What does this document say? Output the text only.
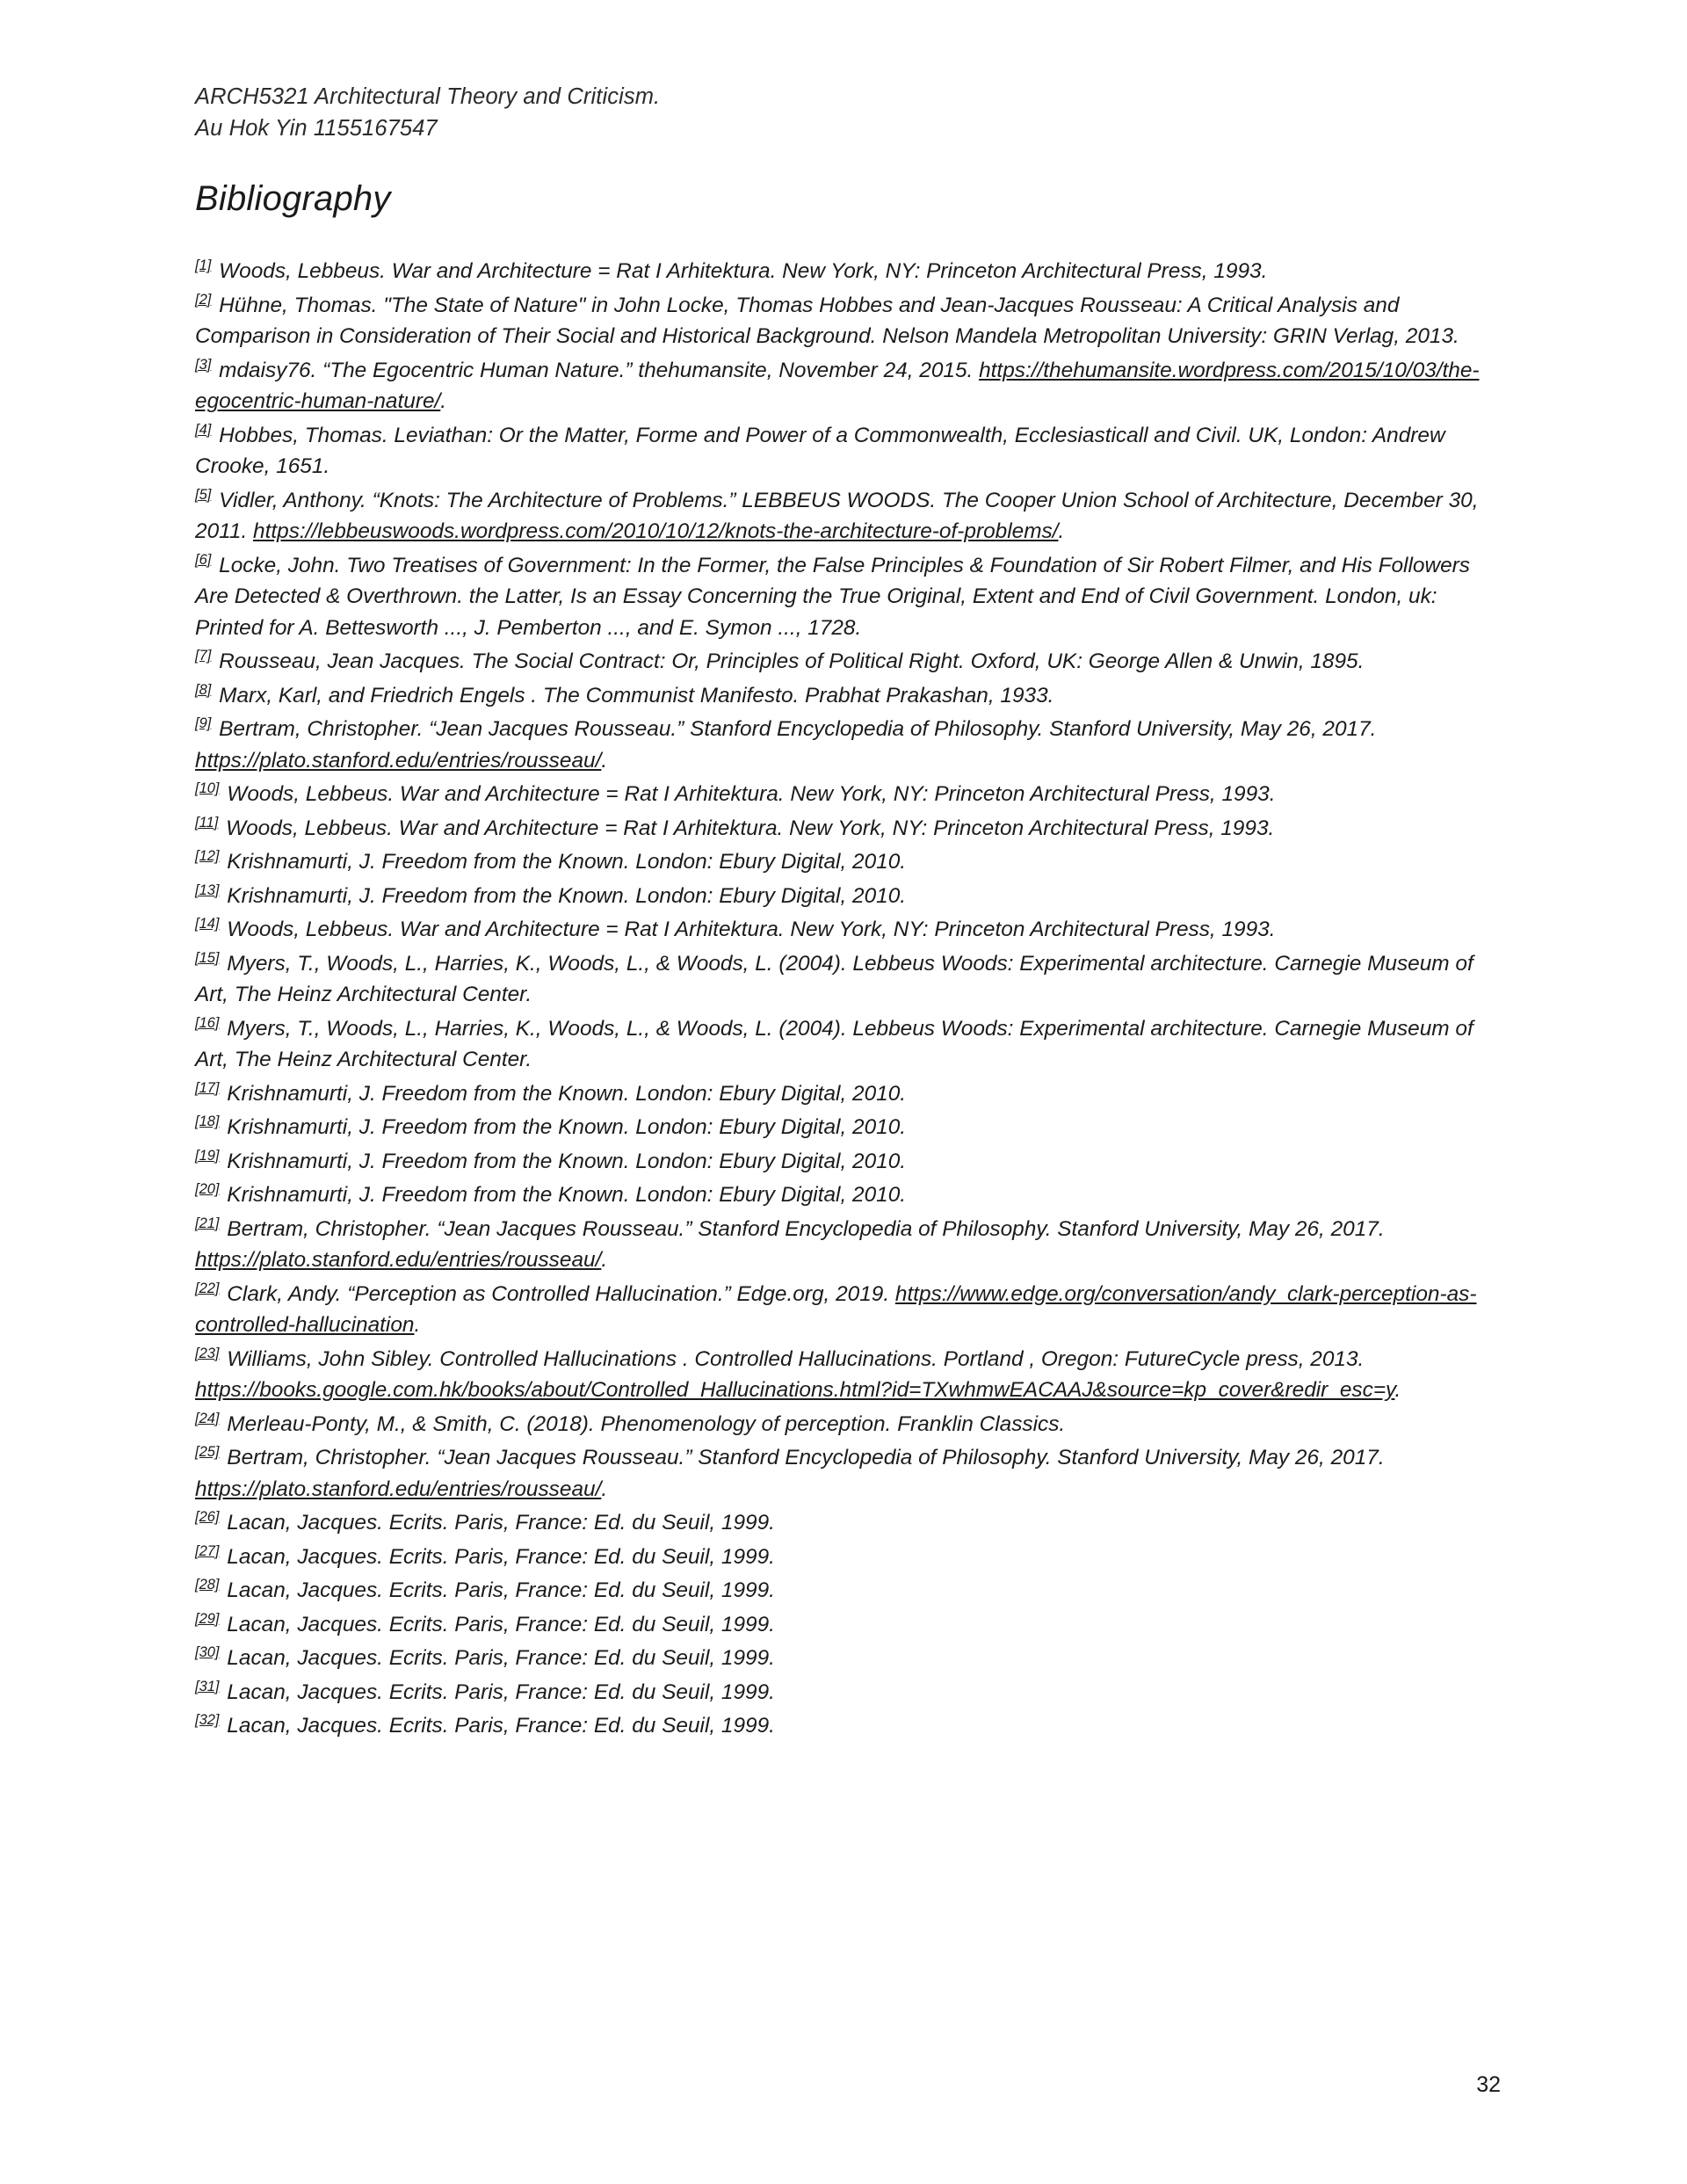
ARCH5321 Architectural Theory and Criticism.
Au Hok Yin 1155167547
Bibliography

[1] Woods, Lebbeus. War and Architecture = Rat I Arhitektura. New York, NY: Princeton Architectural Press, 1993.

[2] Hühne, Thomas. "The State of Nature" in John Locke, Thomas Hobbes and Jean-Jacques Rousseau: A Critical Analysis and Comparison in Consideration of Their Social and Historical Background. Nelson Mandela Metropolitan University: GRIN Verlag, 2013.

[3] mdaisy76. “The Egocentric Human Nature.” thehumansite, November 24, 2015. https://thehumansite.wordpress.com/2015/10/03/the-egocentric-human-nature/.

[4] Hobbes, Thomas. Leviathan: Or the Matter, Forme and Power of a Commonwealth, Ecclesiasticall and Civil. UK, London: Andrew Crooke, 1651.

[5] Vidler, Anthony. “Knots: The Architecture of Problems.” LEBBEUS WOODS. The Cooper Union School of Architecture, December 30, 2011. https://lebbeuswoods.wordpress.com/2010/10/12/knots-the-architecture-of-problems/.

[6] Locke, John. Two Treatises of Government: In the Former, the False Principles & Foundation of Sir Robert Filmer, and His Followers Are Detected & Overthrown. the Latter, Is an Essay Concerning the True Original, Extent and End of Civil Government. London, uk: Printed for A. Bettesworth ..., J. Pemberton ..., and E. Symon ..., 1728.

[7] Rousseau, Jean Jacques. The Social Contract: Or, Principles of Political Right. Oxford, UK: George Allen & Unwin, 1895.

[8] Marx, Karl, and Friedrich Engels . The Communist Manifesto. Prabhat Prakashan, 1933.

[9] Bertram, Christopher. “Jean Jacques Rousseau.” Stanford Encyclopedia of Philosophy. Stanford University, May 26, 2017. https://plato.stanford.edu/entries/rousseau/.

[10] Woods, Lebbeus. War and Architecture = Rat I Arhitektura. New York, NY: Princeton Architectural Press, 1993.

[11] Woods, Lebbeus. War and Architecture = Rat I Arhitektura. New York, NY: Princeton Architectural Press, 1993.

[12] Krishnamurti, J. Freedom from the Known. London: Ebury Digital, 2010.

[13] Krishnamurti, J. Freedom from the Known. London: Ebury Digital, 2010.

[14] Woods, Lebbeus. War and Architecture = Rat I Arhitektura. New York, NY: Princeton Architectural Press, 1993.

[15] Myers, T., Woods, L., Harries, K., Woods, L., & Woods, L. (2004). Lebbeus Woods: Experimental architecture. Carnegie Museum of Art, The Heinz Architectural Center.

[16] Myers, T., Woods, L., Harries, K., Woods, L., & Woods, L. (2004). Lebbeus Woods: Experimental architecture. Carnegie Museum of Art, The Heinz Architectural Center.

[17] Krishnamurti, J. Freedom from the Known. London: Ebury Digital, 2010.

[18] Krishnamurti, J. Freedom from the Known. London: Ebury Digital, 2010.

[19] Krishnamurti, J. Freedom from the Known. London: Ebury Digital, 2010.

[20] Krishnamurti, J. Freedom from the Known. London: Ebury Digital, 2010.

[21] Bertram, Christopher. “Jean Jacques Rousseau.” Stanford Encyclopedia of Philosophy. Stanford University, May 26, 2017. https://plato.stanford.edu/entries/rousseau/.

[22] Clark, Andy. “Perception as Controlled Hallucination.” Edge.org, 2019. https://www.edge.org/conversation/andy_clark-perception-as-controlled-hallucination.

[23] Williams, John Sibley. Controlled Hallucinations . Controlled Hallucinations. Portland , Oregon: FutureCycle press, 2013. https://books.google.com.hk/books/about/Controlled_Hallucinations.html?id=TXwhmwEACAAJ&source=kp_cover&redir_esc=y.

[24] Merleau-Ponty, M., & Smith, C. (2018). Phenomenology of perception. Franklin Classics.

[25] Bertram, Christopher. “Jean Jacques Rousseau.” Stanford Encyclopedia of Philosophy. Stanford University, May 26, 2017. https://plato.stanford.edu/entries/rousseau/.

[26] Lacan, Jacques. Ecrits. Paris, France: Ed. du Seuil, 1999.

[27] Lacan, Jacques. Ecrits. Paris, France: Ed. du Seuil, 1999.

[28] Lacan, Jacques. Ecrits. Paris, France: Ed. du Seuil, 1999.

[29] Lacan, Jacques. Ecrits. Paris, France: Ed. du Seuil, 1999.

[30] Lacan, Jacques. Ecrits. Paris, France: Ed. du Seuil, 1999.

[31] Lacan, Jacques. Ecrits. Paris, France: Ed. du Seuil, 1999.

[32] Lacan, Jacques. Ecrits. Paris, France: Ed. du Seuil, 1999.

32
